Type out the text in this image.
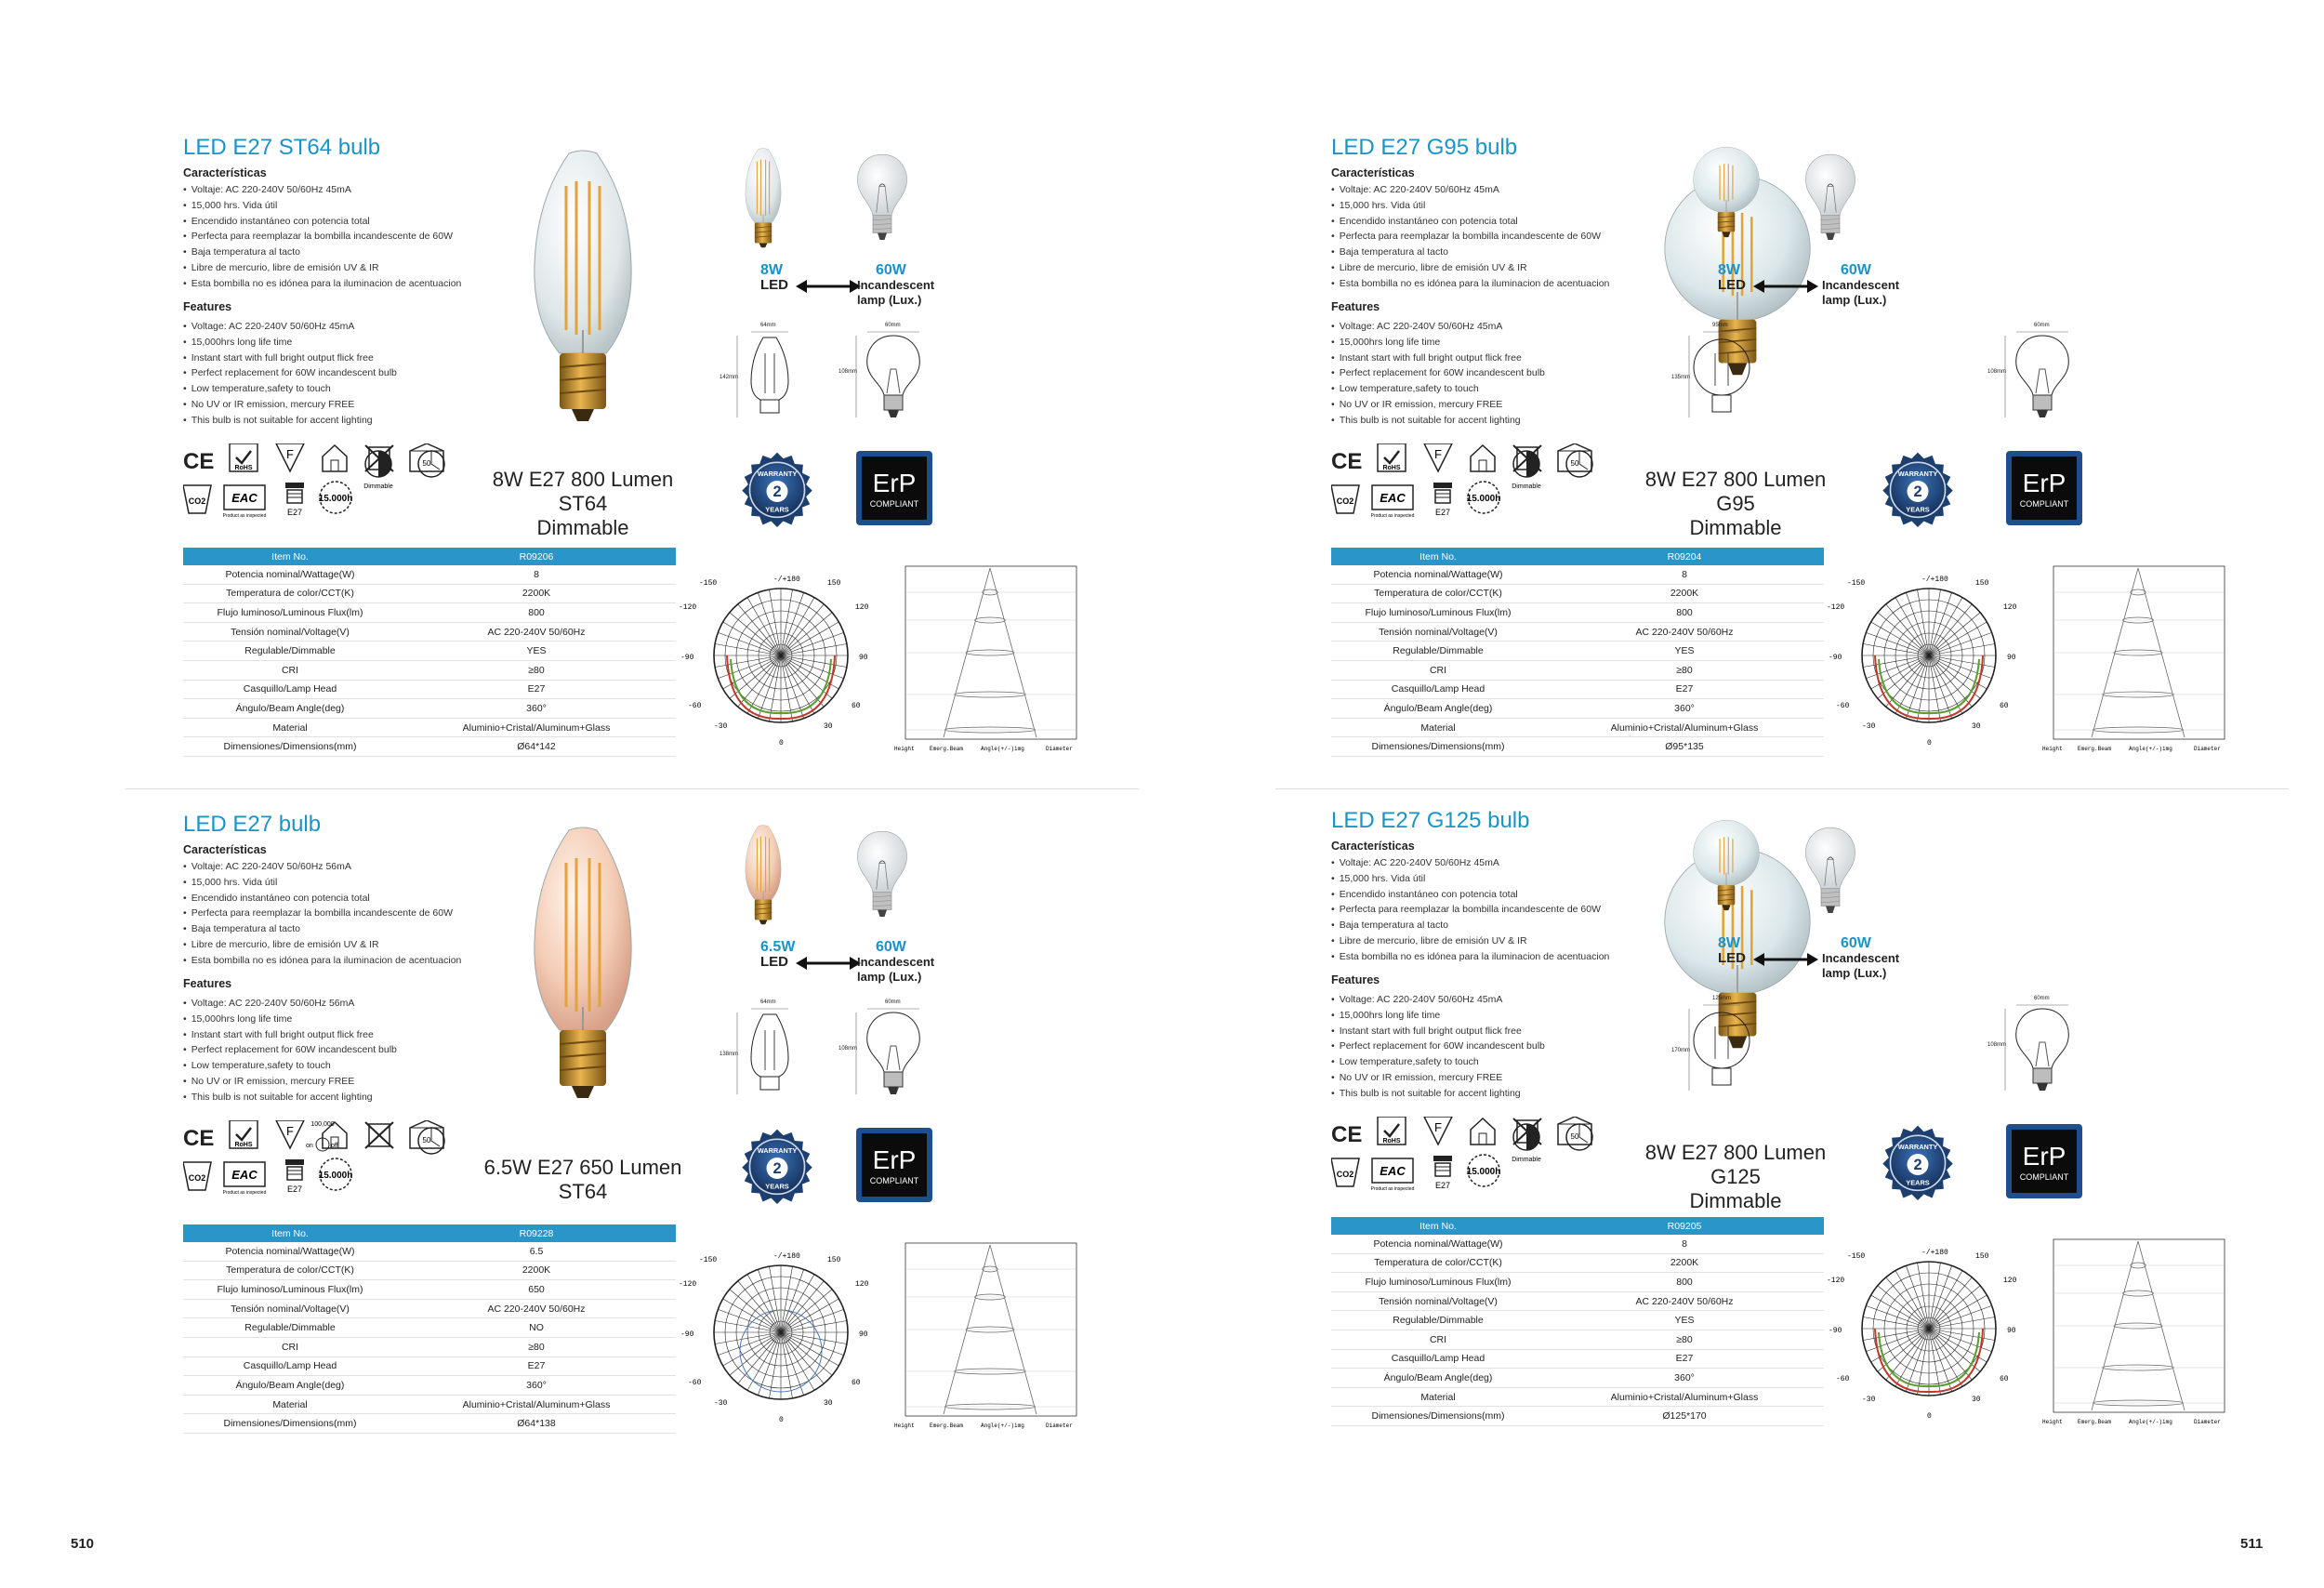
LED E27 ST64 bulb
Características
• Voltaje: AC 220-240V 50/60Hz 45mA
• 15,000 hrs. Vida útil
• Encendido instantáneo con potencia total
• Perfecta para reemplazar la bombilla incandescente de 60W
• Baja temperatura al tacto
• Libre de mercurio, libre de emisión UV & IR
• Esta bombilla no es idónea para la iluminacion de acentuacion
Features
• Voltage: AC 220-240V 50/60Hz 45mA
• 15,000hrs long life time
• Instant start with full bright output flick free
• Perfect replacement for 60W incandescent bulb
• Low temperature,safety to touch
• No UV or IR emission, mercury FREE
• This bulb is not suitable for accent lighting
8W
LED
60W
Incandescent
lamp (Lux.)
64mm
142mm
60mm
108mm
CE	RoHS
F
50
CO2 EAC
Product as inspected	E27
15.000h
Dimmable	8W E27 800 Lumen
ST64
Dimmable
WARRANTY
2
YEARS
ErP
COMPLIANT
Item No.	R09206
Potencia nominal/Wattage(W)	8
Temperatura de color/CCT(K)	2200K
Flujo luminoso/Luminous Flux(lm)	800
Tensión nominal/Voltage(V)	AC 220-240V 50/60Hz
Regulable/Dimmable	YES
CRI	≥80
Casquillo/Lamp Head	E27
Ángulo/Beam Angle(deg)	360°
Material	Aluminio+Cristal/Aluminum+Glass
Dimensiones/Dimensions(mm)	Ø64*142
-/+180	150
-150
120
-120
90
-90
60
-60
30
-30
0
Height	Emerg.Beam	Angle(+/-)img	Diameter
LED E27 G95 bulb
Características
• Voltaje: AC 220-240V 50/60Hz 45mA
• 15,000 hrs. Vida útil
• Encendido instantáneo con potencia total
• Perfecta para reemplazar la bombilla incandescente de 60W
• Baja temperatura al tacto
• Libre de mercurio, libre de emisión UV & IR
• Esta bombilla no es idónea para la iluminacion de acentuacion
Features
• Voltage: AC 220-240V 50/60Hz 45mA
• 15,000hrs long life time
• Instant start with full bright output flick free
• Perfect replacement for 60W incandescent bulb
• Low temperature,safety to touch
• No UV or IR emission, mercury FREE
• This bulb is not suitable for accent lighting
8W
LED
60W
Incandescent
lamp (Lux.)
95mm
135mm
60mm
108mm
CE	RoHS
F
50
CO2 EAC
Product as inspected	E27
15.000h
Dimmable	8W E27 800 Lumen
G95
Dimmable
WARRANTY
2
YEARS
ErP
COMPLIANT
Item No.	R09204
Potencia nominal/Wattage(W)	8
Temperatura de color/CCT(K)	2200K
Flujo luminoso/Luminous Flux(lm)	800
Tensión nominal/Voltage(V)	AC 220-240V 50/60Hz
Regulable/Dimmable	YES
CRI	≥80
Casquillo/Lamp Head	E27
Ángulo/Beam Angle(deg)	360°
Material	Aluminio+Cristal/Aluminum+Glass
Dimensiones/Dimensions(mm)	Ø95*135
-/+180	150
-150
120
-120
90
-90
60
-60
30
-30
0
Height	Emerg.Beam	Angle(+/-)img	Diameter
LED E27 bulb
Características
• Voltaje: AC 220-240V 50/60Hz 56mA
• 15,000 hrs. Vida útil
• Encendido instantáneo con potencia total
• Perfecta para reemplazar la bombilla incandescente de 60W
• Baja temperatura al tacto
• Libre de mercurio, libre de emisión UV & IR
• Esta bombilla no es idónea para la iluminacion de acentuacion
Features
• Voltage: AC 220-240V 50/60Hz 56mA
• 15,000hrs long life time
• Instant start with full bright output flick free
• Perfect replacement for 60W incandescent bulb
• Low temperature,safety to touch
• No UV or IR emission, mercury FREE
• This bulb is not suitable for accent lighting
6.5W
LED
60W
Incandescent
lamp (Lux.)
64mm
138mm
60mm
108mm
CE	RoHS
F
50
CO2 EAC
Product as inspected	E27
15.000h
100,000
on	off
6.5W E27 650 Lumen
ST64
WARRANTY
2
YEARS
ErP
COMPLIANT
Item No.	R09228
Potencia nominal/Wattage(W)	6.5
Temperatura de color/CCT(K)	2200K
Flujo luminoso/Luminous Flux(lm)	650
Tensión nominal/Voltage(V)	AC 220-240V 50/60Hz
Regulable/Dimmable	NO
CRI	≥80
Casquillo/Lamp Head	E27
Ángulo/Beam Angle(deg)	360°
Material	Aluminio+Cristal/Aluminum+Glass
Dimensiones/Dimensions(mm)	Ø64*138
-/+180	150
-150
120
-120
90
-90
60
-60
30
-30
0
Height	Emerg.Beam	Angle(+/-)img	Diameter
LED E27 G125 bulb
Características
• Voltaje: AC 220-240V 50/60Hz 45mA
• 15,000 hrs. Vida útil
• Encendido instantáneo con potencia total
• Perfecta para reemplazar la bombilla incandescente de 60W
• Baja temperatura al tacto
• Libre de mercurio, libre de emisión UV & IR
• Esta bombilla no es idónea para la iluminacion de acentuacion
Features
• Voltage: AC 220-240V 50/60Hz 45mA
• 15,000hrs long life time
• Instant start with full bright output flick free
• Perfect replacement for 60W incandescent bulb
• Low temperature,safety to touch
• No UV or IR emission, mercury FREE
• This bulb is not suitable for accent lighting
8W
LED
60W
Incandescent
lamp (Lux.)
125mm
170mm
60mm
108mm
CE	RoHS
F
50
CO2 EAC
Product as inspected	E27
15.000h
Dimmable	8W E27 800 Lumen
G125
Dimmable
WARRANTY
2
YEARS
ErP
COMPLIANT
Item No.	R09205
Potencia nominal/Wattage(W)	8
Temperatura de color/CCT(K)	2200K
Flujo luminoso/Luminous Flux(lm)	800
Tensión nominal/Voltage(V)	AC 220-240V 50/60Hz
Regulable/Dimmable	YES
CRI	≥80
Casquillo/Lamp Head	E27
Ángulo/Beam Angle(deg)	360°
Material	Aluminio+Cristal/Aluminum+Glass
Dimensiones/Dimensions(mm)	Ø125*170
-/+180	150
-150
120
-120
90
-90
60
-60
30
-30
0
Height	Emerg.Beam	Angle(+/-)img	Diameter
510	511
